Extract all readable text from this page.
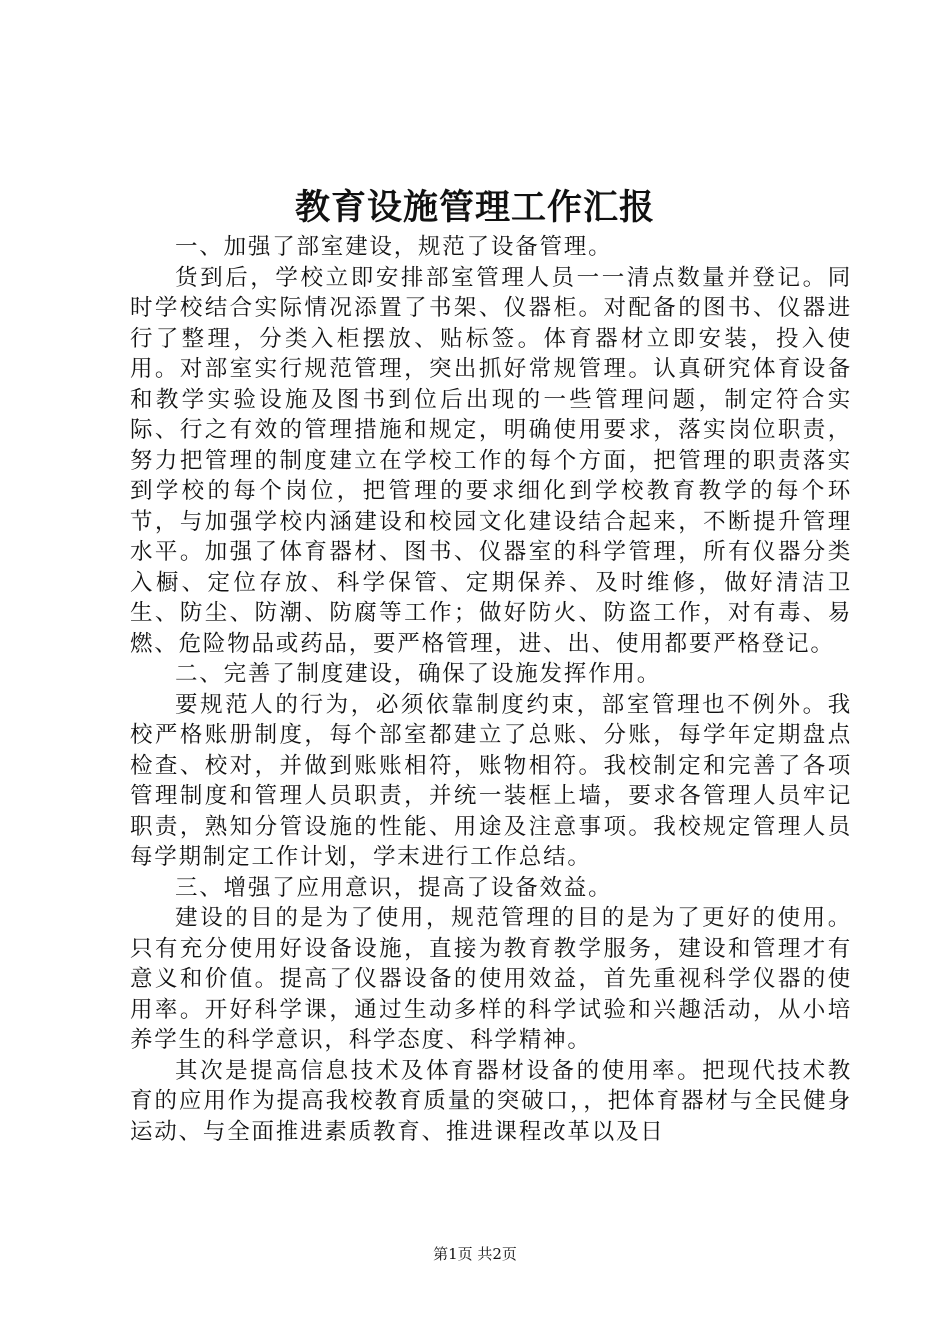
教育设施管理工作汇报

一、加强了部室建设，规范了设备管理。

货到后，学校立即安排部室管理人员一一清点数量并登记。同时学校结合实际情况添置了书架、仪器柜。对配备的图书、仪器进行了整理，分类入柜摆放、贴标签。体育器材立即安装，投入使用。对部室实行规范管理，突出抓好常规管理。认真研究体育设备和教学实验设施及图书到位后出现的一些管理问题，制定符合实际、行之有效的管理措施和规定，明确使用要求，落实岗位职责，努力把管理的制度建立在学校工作的每个方面，把管理的职责落实到学校的每个岗位，把管理的要求细化到学校教育教学的每个环节，与加强学校内涵建设和校园文化建设结合起来，不断提升管理水平。加强了体育器材、图书、仪器室的科学管理，所有仪器分类入橱、定位存放、科学保管、定期保养、及时维修，做好清洁卫生、防尘、防潮、防腐等工作；做好防火、防盗工作，对有毒、易燃、危险物品或药品，要严格管理，进、出、使用都要严格登记。

二、完善了制度建设，确保了设施发挥作用。

要规范人的行为，必须依靠制度约束，部室管理也不例外。我校严格账册制度，每个部室都建立了总账、分账，每学年定期盘点检查、校对，并做到账账相符，账物相符。我校制定和完善了各项管理制度和管理人员职责，并统一装框上墙，要求各管理人员牢记职责，熟知分管设施的性能、用途及注意事项。我校规定管理人员每学期制定工作计划，学末进行工作总结。

三、增强了应用意识，提高了设备效益。

建设的目的是为了使用，规范管理的目的是为了更好的使用。只有充分使用好设备设施，直接为教育教学服务，建设和管理才有意义和价值。提高了仪器设备的使用效益，首先重视科学仪器的使用率。开好科学课，通过生动多样的科学试验和兴趣活动，从小培养学生的科学意识，科学态度、科学精神。

其次是提高信息技术及体育器材设备的使用率。把现代技术教育的应用作为提高我校教育质量的突破口，，把体育器材与全民健身运动、与全面推进素质教育、推进课程改革以及日

第1页 共2页
